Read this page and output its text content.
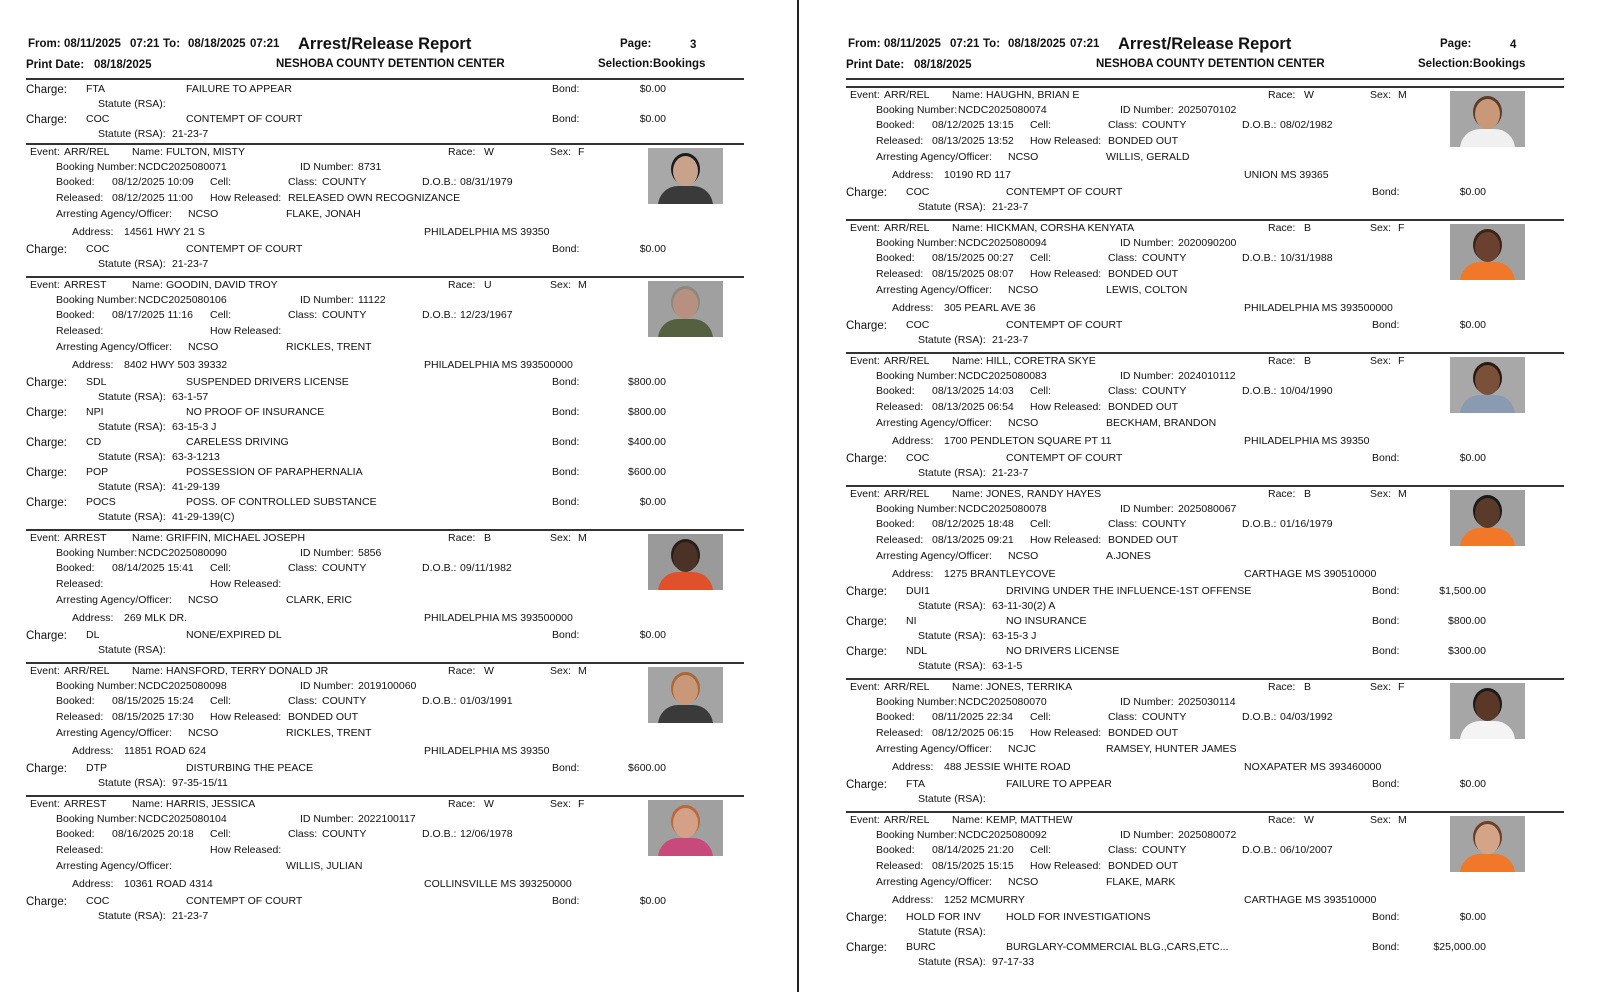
From: 08/11/2025 07:21 To: 08/18/2025 07:21 Arrest/Release Report	Page:	3
Print Date: 08/18/2025	NESHOBA COUNTY DETENTION CENTER	Selection: Bookings
Charge: FTA	FAILURE TO APPEAR	Bond:	$0.00
Statute (RSA):
Charge: COC	CONTEMPT OF COURT	Bond:	$0.00
Statute (RSA): 21-23-7
Event: ARR/REL Name: FULTON, MISTY	Race: W	Sex: F
Booking Number: NCDC2025080071	ID Number: 8731
Booked: 08/12/2025 10:09 Cell:	Class: COUNTY	D.O.B.: 08/31/1979
Released: 08/12/2025 11:00 How Released: RELEASED OWN RECOGNIZANCE
Arresting Agency/Officer: NCSO	FLAKE, JONAH
Address: 14561 HWY 21 S	PHILADELPHIA MS 39350
Charge: COC	CONTEMPT OF COURT	Bond:	$0.00
Statute (RSA): 21-23-7
Event: ARREST Name: GOODIN, DAVID TROY	Race: U	Sex: M
Booking Number: NCDC2025080106	ID Number: 11122
Booked: 08/17/2025 11:16 Cell:	Class: COUNTY	D.O.B.: 12/23/1967
Released:	How Released:
Arresting Agency/Officer: NCSO	RICKLES, TRENT
Address: 8402 HWY 503 39332	PHILADELPHIA MS 393500000
Charge: SDL	SUSPENDED DRIVERS LICENSE	Bond:	$800.00
Statute (RSA): 63-1-57
Charge: NPI	NO PROOF OF INSURANCE	Bond:	$800.00
Statute (RSA): 63-15-3 J
Charge: CD	CARELESS DRIVING	Bond:	$400.00
Statute (RSA): 63-3-1213
Charge: POP	POSSESSION OF PARAPHERNALIA	Bond:	$600.00
Statute (RSA): 41-29-139
Charge: POCS	POSS. OF CONTROLLED SUBSTANCE	Bond:	$0.00
Statute (RSA): 41-29-139(C)
Event: ARREST Name: GRIFFIN, MICHAEL JOSEPH	Race: B	Sex: M
Booking Number: NCDC2025080090	ID Number: 5856
Booked: 08/14/2025 15:41 Cell:	Class: COUNTY	D.O.B.: 09/11/1982
Released:	How Released:
Arresting Agency/Officer: NCSO	CLARK, ERIC
Address: 269 MLK DR.	PHILADELPHIA MS 393500000
Charge: DL	NONE/EXPIRED DL	Bond:	$0.00
Statute (RSA):
Event: ARR/REL Name: HANSFORD, TERRY DONALD JR	Race: W	Sex: M
Booking Number: NCDC2025080098	ID Number: 2019100060
Booked: 08/15/2025 15:24 Cell:	Class: COUNTY	D.O.B.: 01/03/1991
Released: 08/15/2025 17:30 How Released: BONDED OUT
Arresting Agency/Officer: NCSO	RICKLES, TRENT
Address: 11851 ROAD 624	PHILADELPHIA MS 39350
Charge: DTP	DISTURBING THE PEACE	Bond:	$600.00
Statute (RSA): 97-35-15/11
Event: ARREST Name: HARRIS, JESSICA	Race: W	Sex: F
Booking Number: NCDC2025080104	ID Number: 2022100117
Booked: 08/16/2025 20:18 Cell:	Class: COUNTY	D.O.B.: 12/06/1978
Released:	How Released:
Arresting Agency/Officer:	WILLIS, JULIAN
Address: 10361 ROAD 4314	COLLINSVILLE MS 393250000
Charge: COC	CONTEMPT OF COURT	Bond:	$0.00
Statute (RSA): 21-23-7
From: 08/11/2025 07:21 To: 08/18/2025 07:21 Arrest/Release Report	Page:	4
Print Date: 08/18/2025	NESHOBA COUNTY DETENTION CENTER	Selection: Bookings
Event: ARR/REL Name: HAUGHN, BRIAN E	Race: W	Sex: M
Booking Number: NCDC2025080074	ID Number: 2025070102
Booked: 08/12/2025 13:15 Cell:	Class: COUNTY	D.O.B.: 08/02/1982
Released: 08/13/2025 13:52 How Released: BONDED OUT
Arresting Agency/Officer: NCSO	WILLIS, GERALD
Address: 10190 RD 117	UNION MS 39365
Charge: COC	CONTEMPT OF COURT	Bond:	$0.00
Statute (RSA): 21-23-7
Event: ARR/REL Name: HICKMAN, CORSHA KENYATA	Race: B	Sex: F
Booking Number: NCDC2025080094	ID Number: 2020090200
Booked: 08/15/2025 00:27 Cell:	Class: COUNTY	D.O.B.: 10/31/1988
Released: 08/15/2025 08:07 How Released: BONDED OUT
Arresting Agency/Officer: NCSO	LEWIS, COLTON
Address: 305 PEARL AVE 36	PHILADELPHIA MS 393500000
Charge: COC	CONTEMPT OF COURT	Bond:	$0.00
Statute (RSA): 21-23-7
Event: ARR/REL Name: HILL, CORETRA SKYE	Race: B	Sex: F
Booking Number: NCDC2025080083	ID Number: 2024010112
Booked: 08/13/2025 14:03 Cell:	Class: COUNTY	D.O.B.: 10/04/1990
Released: 08/13/2025 06:54 How Released: BONDED OUT
Arresting Agency/Officer: NCSO	BECKHAM, BRANDON
Address: 1700 PENDLETON SQUARE PT 11	PHILADELPHIA MS 39350
Charge: COC	CONTEMPT OF COURT	Bond:	$0.00
Statute (RSA): 21-23-7
Event: ARR/REL Name: JONES, RANDY HAYES	Race: B	Sex: M
Booking Number: NCDC2025080078	ID Number: 2025080067
Booked: 08/12/2025 18:48 Cell:	Class: COUNTY	D.O.B.: 01/16/1979
Released: 08/13/2025 09:21 How Released: BONDED OUT
Arresting Agency/Officer: NCSO	A.JONES
Address: 1275 BRANTLEYCOVE	CARTHAGE MS 390510000
Charge: DUI1	DRIVING UNDER THE INFLUENCE-1ST OFFENSE	Bond:	$1,500.00
Statute (RSA): 63-11-30(2) A
Charge: NI	NO INSURANCE	Bond:	$800.00
Statute (RSA): 63-15-3 J
Charge: NDL	NO DRIVERS LICENSE	Bond:	$300.00
Statute (RSA): 63-1-5
Event: ARR/REL Name: JONES, TERRIKA	Race: B	Sex: F
Booking Number: NCDC2025080070	ID Number: 2025030114
Booked: 08/11/2025 22:34 Cell:	Class: COUNTY	D.O.B.: 04/03/1992
Released: 08/12/2025 06:15 How Released: BONDED OUT
Arresting Agency/Officer: NCJC	RAMSEY, HUNTER JAMES
Address: 488 JESSIE WHITE ROAD	NOXAPATER MS 393460000
Charge: FTA	FAILURE TO APPEAR	Bond:	$0.00
Statute (RSA):
Event: ARR/REL Name: KEMP, MATTHEW	Race: W	Sex: M
Booking Number: NCDC2025080092	ID Number: 2025080072
Booked: 08/14/2025 21:20 Cell:	Class: COUNTY	D.O.B.: 06/10/2007
Released: 08/15/2025 15:15 How Released: BONDED OUT
Arresting Agency/Officer: NCSO	FLAKE, MARK
Address: 1252 MCMURRY	CARTHAGE MS 393510000
Charge: HOLD FOR INV HOLD FOR INVESTIGATIONS	Bond:	$0.00
Statute (RSA):
Charge: BURC	BURGLARY-COMMERCIAL BLG.,CARS,ETC...	Bond:	$25,000.00
Statute (RSA): 97-17-33
